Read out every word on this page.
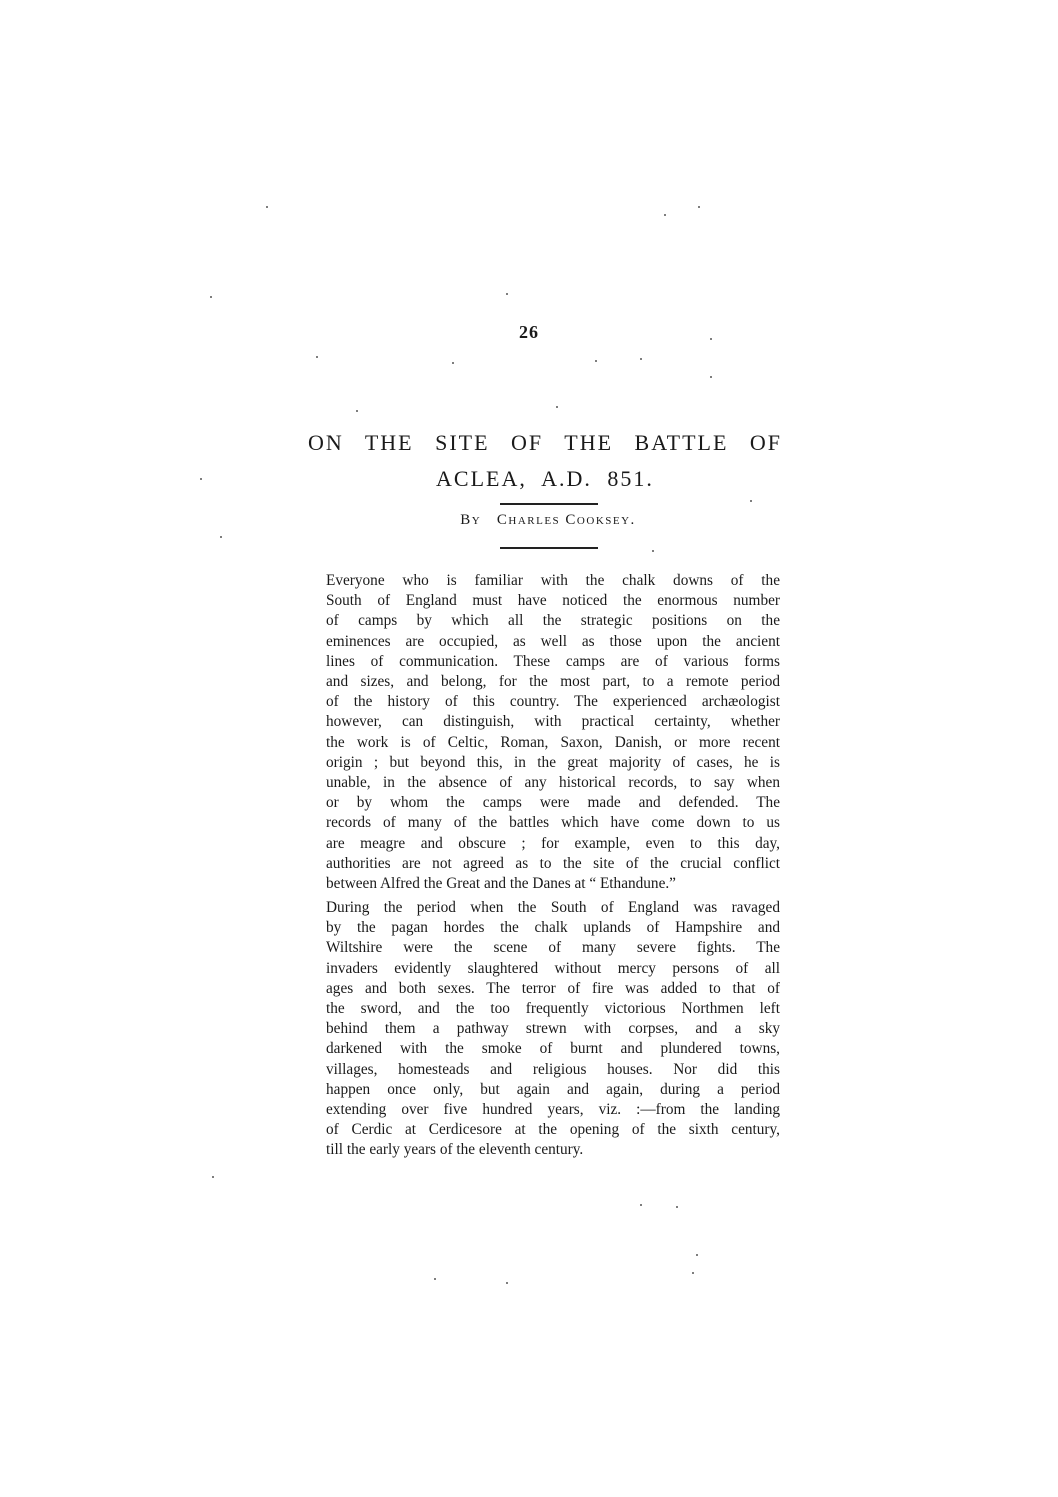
26
ON THE SITE OF THE BATTLE OF
ACLEA, A.D. 851.
By Charles Cooksey.

Everyone who is familiar with the chalk downs of the
South of England must have noticed the enormous number
of camps by which all the strategic positions on the
eminences are occupied, as well as those upon the ancient
lines of communication. These camps are of various forms
and sizes, and belong, for the most part, to a remote period
of the history of this country. The experienced archæologist
however, can distinguish, with practical certainty, whether
the work is of Celtic, Roman, Saxon, Danish, or more recent
origin ; but beyond this, in the great majority of cases, he is
unable, in the absence of any historical records, to say when
or by whom the camps were made and defended. The
records of many of the battles which have come down to us
are meagre and obscure ; for example, even to this day,
authorities are not agreed as to the site of the crucial conflict
between Alfred the Great and the Danes at “ Ethandune.”

During the period when the South of England was ravaged
by the pagan hordes the chalk uplands of Hampshire and
Wiltshire were the scene of many severe fights. The
invaders evidently slaughtered without mercy persons of all
ages and both sexes. The terror of fire was added to that of
the sword, and the too frequently victorious Northmen left
behind them a pathway strewn with corpses, and a sky
darkened with the smoke of burnt and plundered towns,
villages, homesteads and religious houses. Nor did this
happen once only, but again and again, during a period
extending over five hundred years, viz. :—from the landing
of Cerdic at Cerdicesore at the opening of the sixth century,
till the early years of the eleventh century.
